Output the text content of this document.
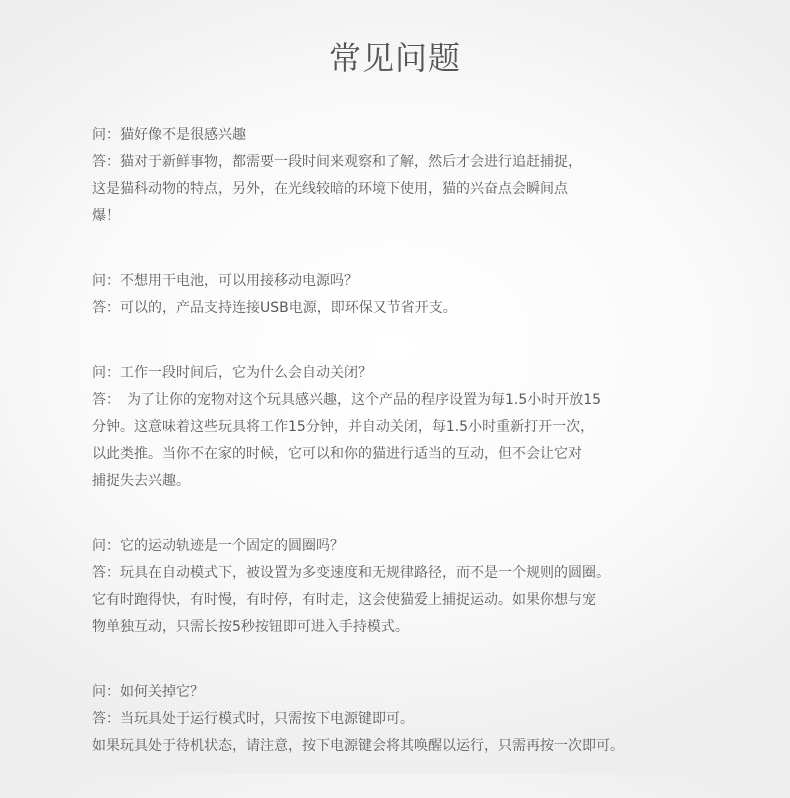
常见问题
问：猫好像不是很感兴趣
答：猫对于新鲜事物，都需要一段时间来观察和了解，然后才会进行追赶捕捉，
这是猫科动物的特点，另外，在光线较暗的环境下使用，猫的兴奋点会瞬间点
爆！
问：不想用干电池，可以用接移动电源吗？
答：可以的，产品支持连接USB电源，即环保又节省开支。
问：工作一段时间后，它为什么会自动关闭？
答：　为了让你的宠物对这个玩具感兴趣，这个产品的程序设置为每1.5小时开放15
分钟。这意味着这些玩具将工作15分钟，并自动关闭，每1.5小时重新打开一次，
以此类推。当你不在家的时候，它可以和你的猫进行适当的互动，但不会让它对
捕捉失去兴趣。
问：它的运动轨迹是一个固定的圆圈吗？
答：玩具在自动模式下，被设置为多变速度和无规律路径，而不是一个规则的圆圈。
它有时跑得快，有时慢，有时停，有时走，这会使猫爱上捕捉运动。如果你想与宠
物单独互动，只需长按5秒按钮即可进入手持模式。
问：如何关掉它？
答：当玩具处于运行模式时，只需按下电源键即可。
如果玩具处于待机状态，请注意，按下电源键会将其唤醒以运行，只需再按一次即可。
